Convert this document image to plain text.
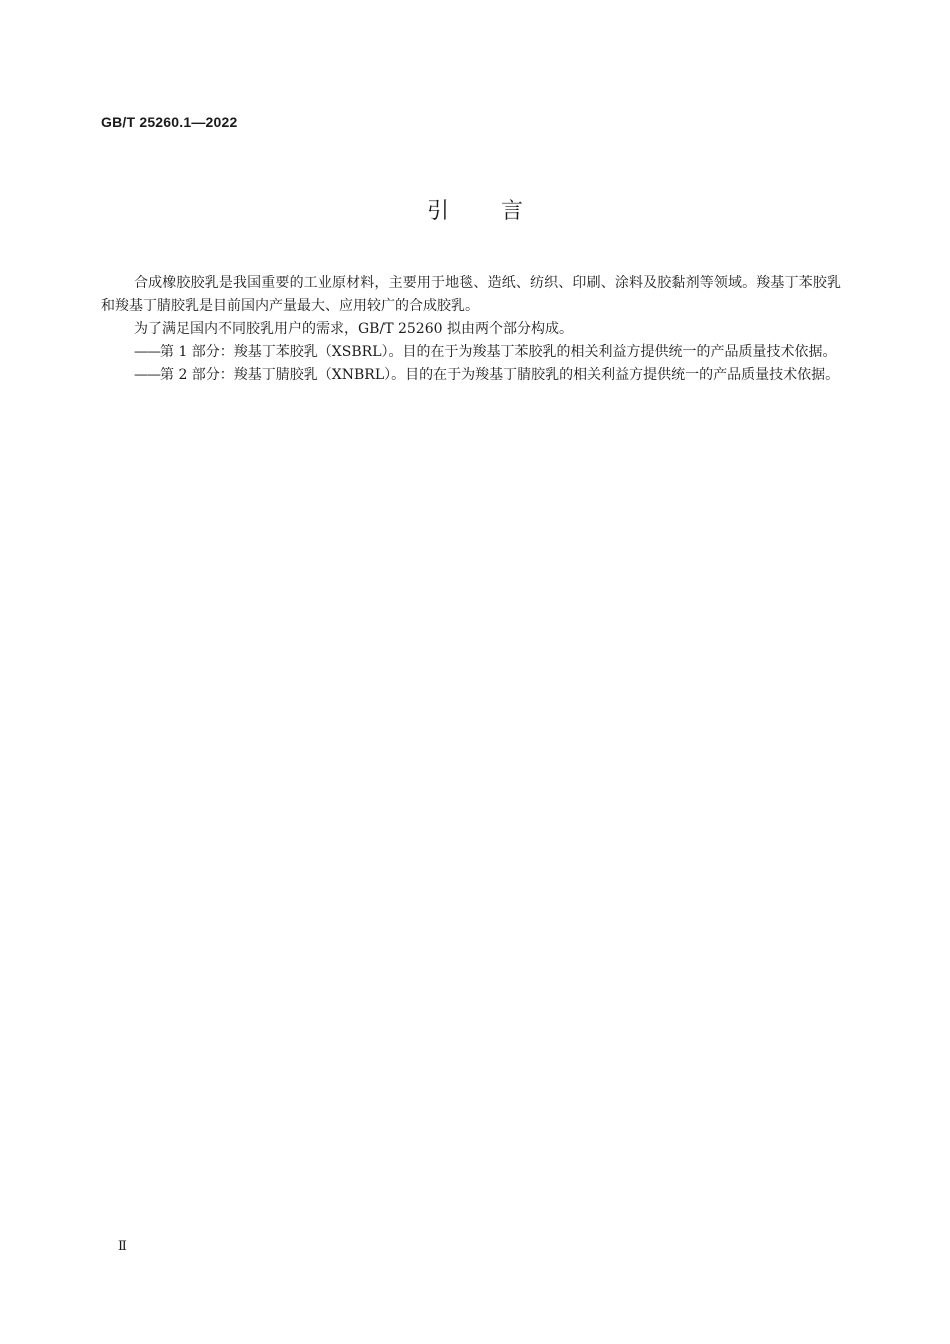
GB/T 25260.1—2022
引言

合成橡胶胶乳是我国重要的工业原材料，主要用于地毯、造纸、纺织、印刷、涂料及胶黏剂等领域。羧基丁苯胶乳和羧基丁腈胶乳是目前国内产量最大、应用较广的合成胶乳。

为了满足国内不同胶乳用户的需求，GB/T 25260 拟由两个部分构成。

——第 1 部分：羧基丁苯胶乳（XSBRL）。目的在于为羧基丁苯胶乳的相关利益方提供统一的产品质量技术依据。

——第 2 部分：羧基丁腈胶乳（XNBRL）。目的在于为羧基丁腈胶乳的相关利益方提供统一的产品质量技术依据。

Ⅱ
